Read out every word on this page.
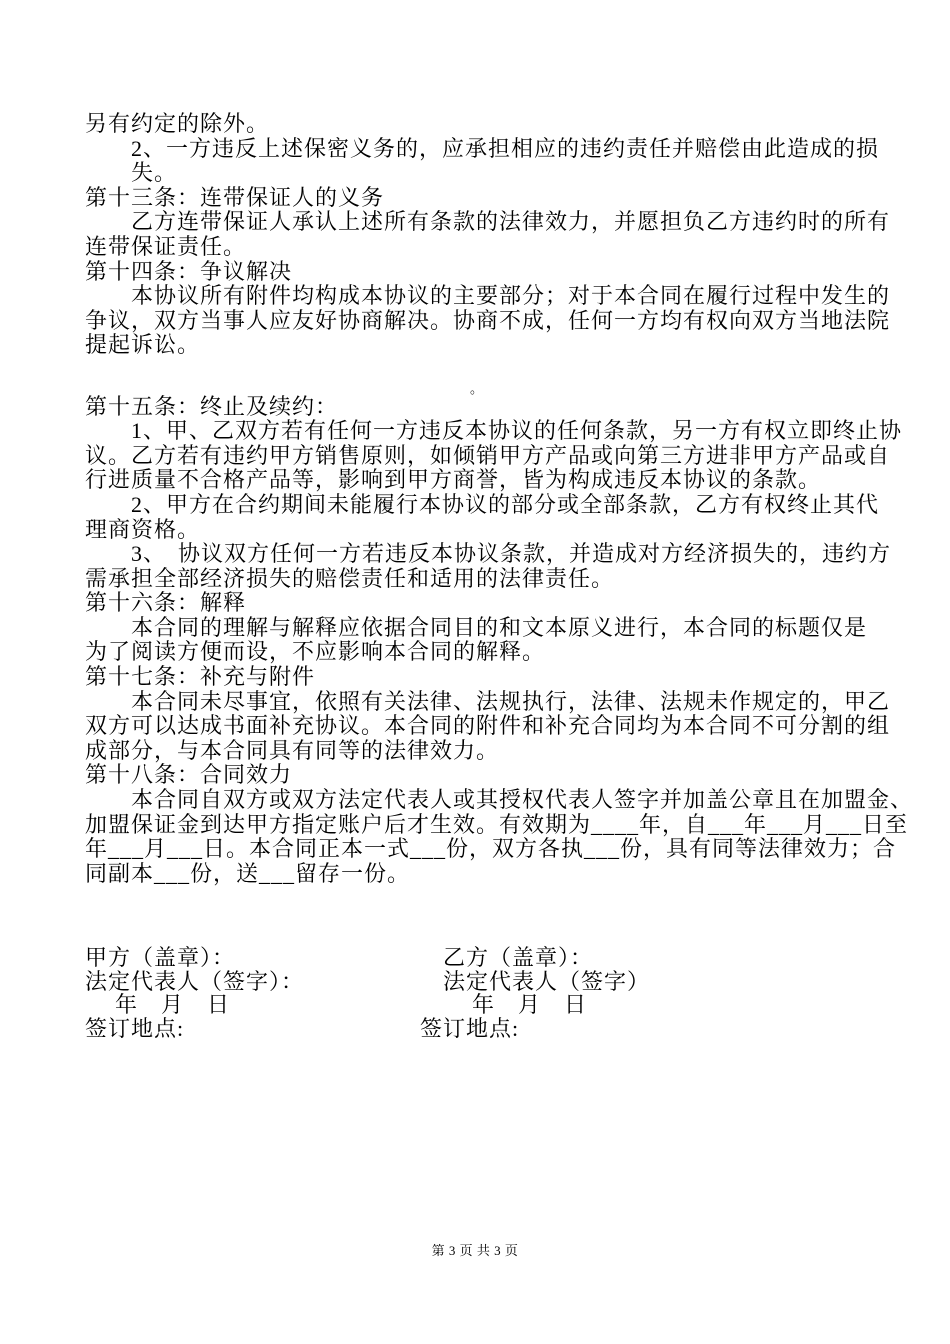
另有约定的除外。
2、一方违反上述保密义务的，应承担相应的违约责任并赔偿由此造成的损
失。
第十三条：连带保证人的义务
乙方连带保证人承认上述所有条款的法律效力，并愿担负乙方违约时的所有
连带保证责任。
第十四条：争议解决
本协议所有附件均构成本协议的主要部分；对于本合同在履行过程中发生的
争议，双方当事人应友好协商解决。协商不成，任何一方均有权向双方当地法院
提起诉讼。

。
第十五条：终止及续约：
1、甲、乙双方若有任何一方违反本协议的任何条款，另一方有权立即终止协
议。乙方若有违约甲方销售原则，如倾销甲方产品或向第三方进非甲方产品或自
行进质量不合格产品等，影响到甲方商誉，皆为构成违反本协议的条款。
2、甲方在合约期间未能履行本协议的部分或全部条款，乙方有权终止其代
理商资格。
3、　协议双方任何一方若违反本协议条款，并造成对方经济损失的，违约方
需承担全部经济损失的赔偿责任和适用的法律责任。
第十六条：解释
本合同的理解与解释应依据合同目的和文本原义进行，本合同的标题仅是
为了阅读方便而设，不应影响本合同的解释。
第十七条：补充与附件
本合同未尽事宜，依照有关法律、法规执行，法律、法规未作规定的，甲乙
双方可以达成书面补充协议。本合同的附件和补充合同均为本合同不可分割的组
成部分，与本合同具有同等的法律效力。
第十八条：合同效力
本合同自双方或双方法定代表人或其授权代表人签字并加盖公章且在加盟金、
加盟保证金到达甲方指定账户后才生效。有效期为____年，自___年___月___日至
年___月___日。本合同正本一式___份，双方各执___份，具有同等法律效力；合
同副本___份，送___留存一份。
甲方（盖章）：	乙方（盖章）：
法定代表人（签字）：	法定代表人（签字）
年　月　日	年　月　日
签订地点:	签订地点:
第 3 页 共 3 页
